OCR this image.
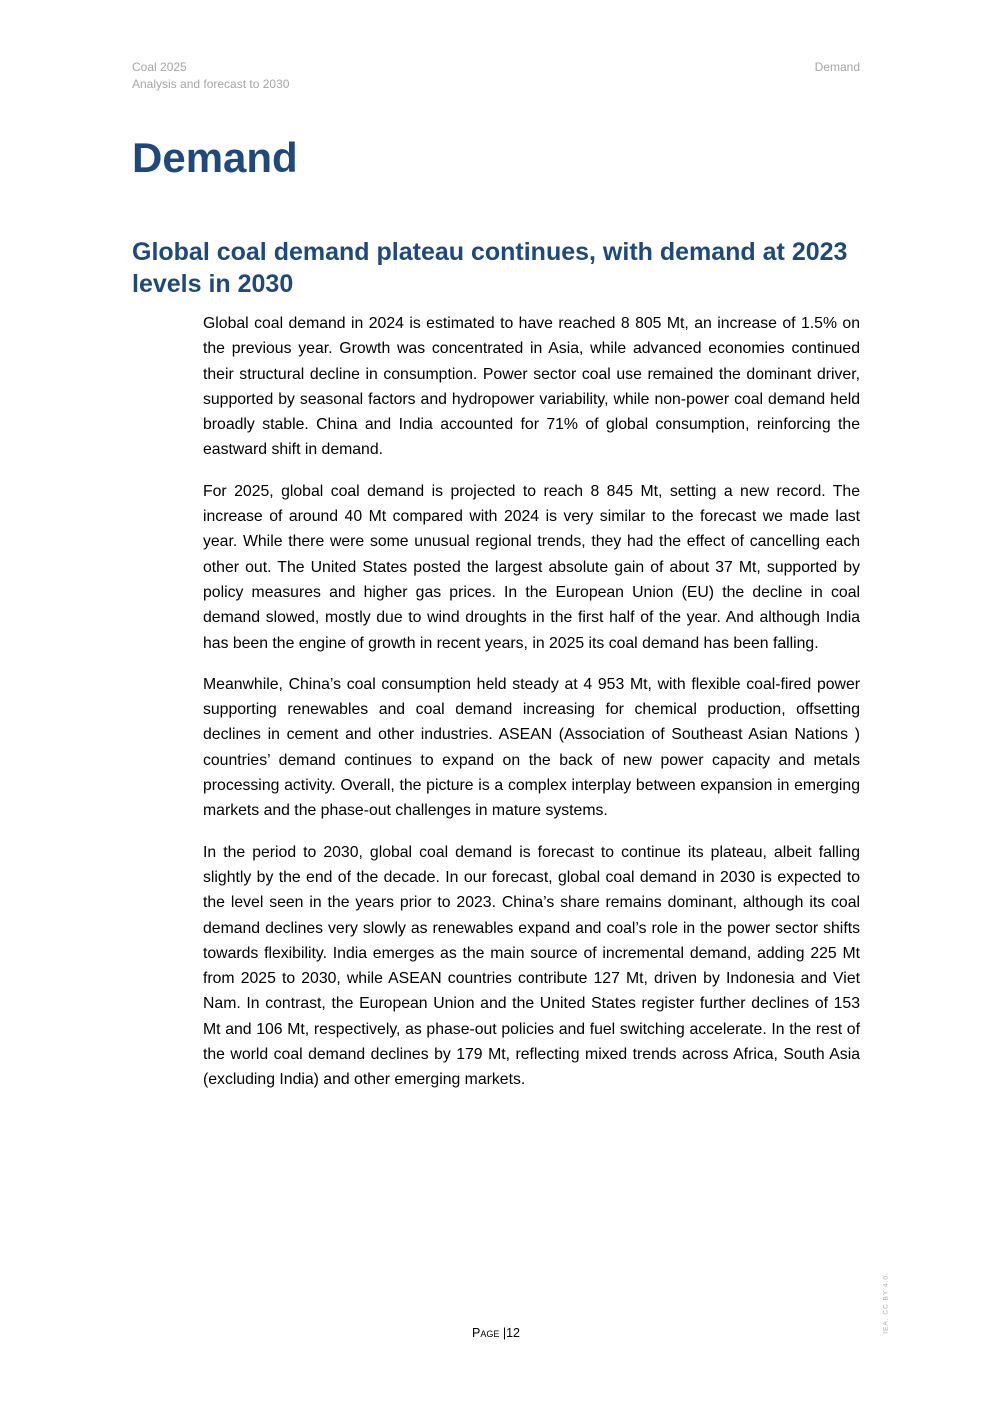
Coal 2025
Analysis and forecast to 2030
Demand
Demand
Global coal demand plateau continues, with demand at 2023 levels in 2030

Global coal demand in 2024 is estimated to have reached 8 805 Mt, an increase of 1.5% on the previous year. Growth was concentrated in Asia, while advanced economies continued their structural decline in consumption. Power sector coal use remained the dominant driver, supported by seasonal factors and hydropower variability, while non-power coal demand held broadly stable. China and India accounted for 71% of global consumption, reinforcing the eastward shift in demand.

For 2025, global coal demand is projected to reach 8 845 Mt, setting a new record. The increase of around 40 Mt compared with 2024 is very similar to the forecast we made last year. While there were some unusual regional trends, they had the effect of cancelling each other out. The United States posted the largest absolute gain of about 37 Mt, supported by policy measures and higher gas prices. In the European Union (EU) the decline in coal demand slowed, mostly due to wind droughts in the first half of the year. And although India has been the engine of growth in recent years, in 2025 its coal demand has been falling.

Meanwhile, China’s coal consumption held steady at 4 953 Mt, with flexible coal-fired power supporting renewables and coal demand increasing for chemical production, offsetting declines in cement and other industries. ASEAN (Association of Southeast Asian Nations ) countries’ demand continues to expand on the back of new power capacity and metals processing activity. Overall, the picture is a complex interplay between expansion in emerging markets and the phase-out challenges in mature systems.

In the period to 2030, global coal demand is forecast to continue its plateau, albeit falling slightly by the end of the decade. In our forecast, global coal demand in 2030 is expected to the level seen in the years prior to 2023. China’s share remains dominant, although its coal demand declines very slowly as renewables expand and coal’s role in the power sector shifts towards flexibility. India emerges as the main source of incremental demand, adding 225 Mt from 2025 to 2030, while ASEAN countries contribute 127 Mt, driven by Indonesia and Viet Nam. In contrast, the European Union and the United States register further declines of 153 Mt and 106 Mt, respectively, as phase-out policies and fuel switching accelerate. In the rest of the world coal demand declines by 179 Mt, reflecting mixed trends across Africa, South Asia (excluding India) and other emerging markets.

Page |12	IEA. CC BY 4.0.
